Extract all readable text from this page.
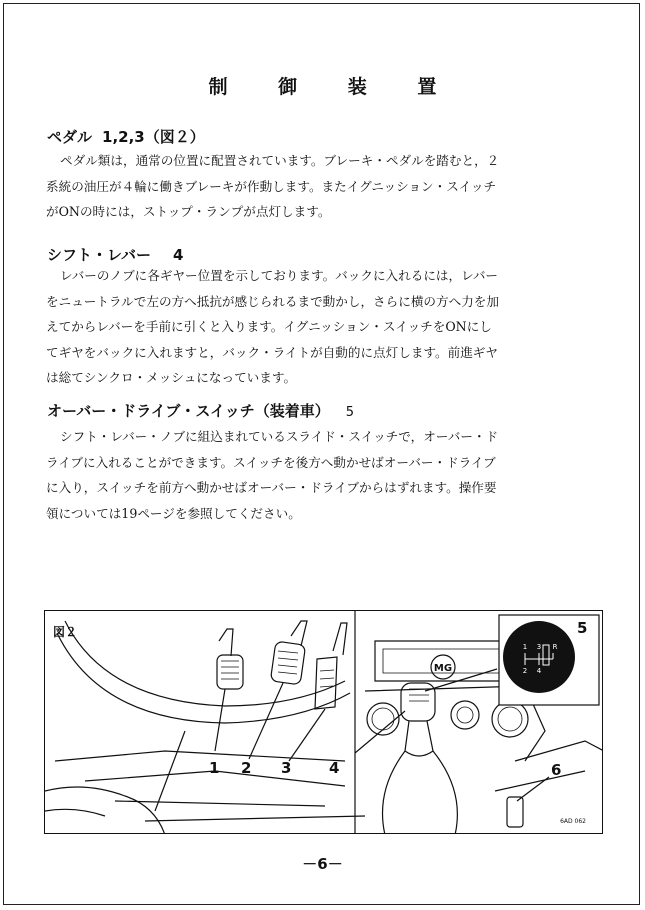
制 御 装 置
ペダル 1,2,3（図２）
ペダル類は，通常の位置に配置されています。ブレーキ・ペダルを踏むと，２
系統の油圧が４輪に働きブレーキが作動します。またイグニッション・スイッチ
がONの時には，ストップ・ランプが点灯します。
シフト・レバー 4
レバーのノブに各ギヤー位置を示しております。バックに入れるには，レバー
をニュートラルで左の方へ抵抗が感じられるまで動かし，さらに横の方へ力を加
えてからレバーを手前に引くと入ります。イグニッション・スイッチをONにし
てギヤをバックに入れますと，バック・ライトが自動的に点灯します。前進ギヤ
は総てシンクロ・メッシュになっています。
オーバー・ドライブ・スイッチ（装着車） 5
シフト・レバー・ノブに組込まれているスライド・スイッチで，オーバー・ド
ライブに入れることができます。スイッチを後方へ動かせばオーバー・ドライブ
に入り，スイッチを前方へ動かせばオーバー・ドライブからはずれます。操作要
領については19ページを参照してください。
1 3
2 4
R
MG
図２
1 2 3	4
5
6
6AD 062
－6－
